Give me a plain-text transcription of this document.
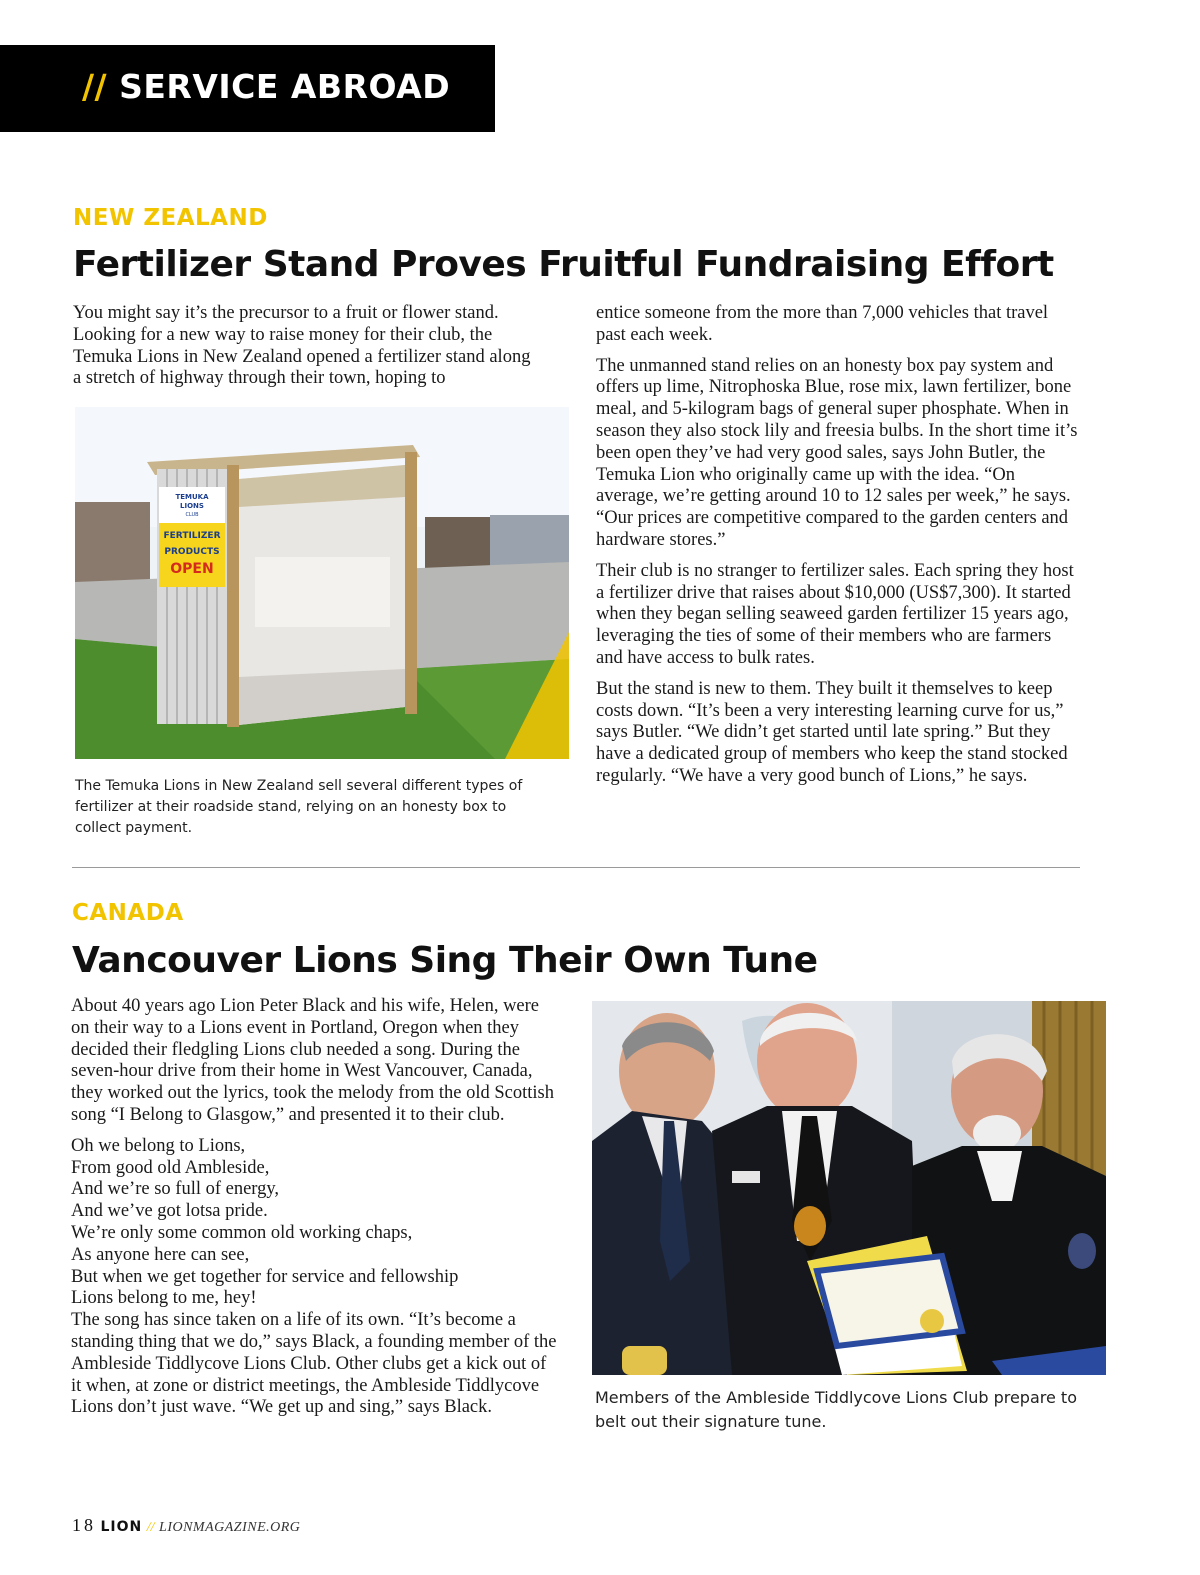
// SERVICE ABROAD
NEW ZEALAND
Fertilizer Stand Proves Fruitful Fundraising Effort

You might say it’s the precursor to a fruit or flower stand. Looking for a new way to raise money for their club, the Temuka Lions in New Zealand opened a fertilizer stand along a stretch of highway through their town, hoping to

TEMUKA
LIONS
CLUB
FERTILIZER
PRODUCTS
OPEN
The Temuka Lions in New Zealand sell several different types of fertilizer at their roadside stand, relying on an honesty box to collect payment.

entice someone from the more than 7,000 vehicles that travel past each week.

The unmanned stand relies on an honesty box pay system and offers up lime, Nitrophoska Blue, rose mix, lawn fertilizer, bone meal, and 5-kilogram bags of general super phosphate. When in season they also stock lily and freesia bulbs. In the short time it’s been open they’ve had very good sales, says John Butler, the Temuka Lion who originally came up with the idea. “On average, we’re getting around 10 to 12 sales per week,” he says. “Our prices are competitive compared to the garden centers and hardware stores.”

Their club is no stranger to fertilizer sales. Each spring they host a fertilizer drive that raises about $10,000 (US$7,300). It started when they began selling seaweed garden fertilizer 15 years ago, leveraging the ties of some of their members who are farmers and have access to bulk rates.

But the stand is new to them. They built it themselves to keep costs down. “It’s been a very interesting learning curve for us,” says Butler. “We didn’t get started until late spring.” But they have a dedicated group of members who keep the stand stocked regularly. “We have a very good bunch of Lions,” he says.

CANADA
Vancouver Lions Sing Their Own Tune

About 40 years ago Lion Peter Black and his wife, Helen, were on their way to a Lions event in Portland, Oregon when they decided their fledgling Lions club needed a song. During the seven-hour drive from their home in West Vancouver, Canada, they worked out the lyrics, took the melody from the old Scottish song “I Belong to Glasgow,” and presented it to their club.

Oh we belong to Lions,
From good old Ambleside,
And we’re so full of energy,
And we’ve got lotsa pride.
We’re only some common old working chaps,
As anyone here can see,
But when we get together for service and fellowship
Lions belong to me, hey!

The song has since taken on a life of its own. “It’s become a standing thing that we do,” says Black, a founding member of the Ambleside Tiddlycove Lions Club. Other clubs get a kick out of it when, at zone or district meetings, the Ambleside Tiddlycove Lions don’t just wave. “We get up and sing,” says Black.	Members of the Ambleside Tiddlycove Lions Club prepare to belt out their signature tune.
18 LION // LIONMAGAZINE.ORG
